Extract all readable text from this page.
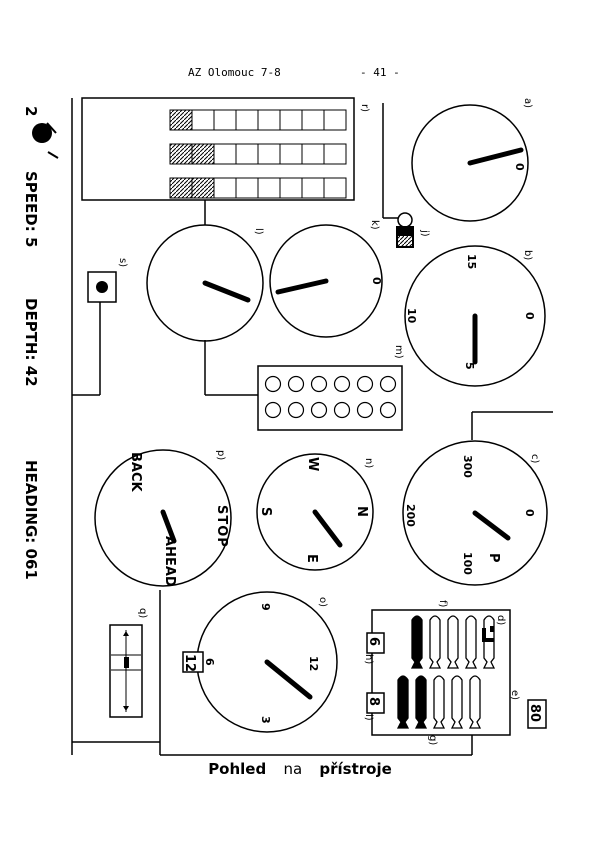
AZ Olomouc 7-8	- 41 -
2
SPEED: 5
DEPTH: 42
HEADING: 061
a)
b)
c)
d)
e)
f)
g)
h)
i)
j)
k)
l)
m)
n)
o)
p)
q)
r)
s)
0
0
5
10
15
0
100
200
300
P
0
12
3
6
9
N
E
S
W
12
6
8
80
STOP
AHEAD
BACK
Pohled na přístroje
